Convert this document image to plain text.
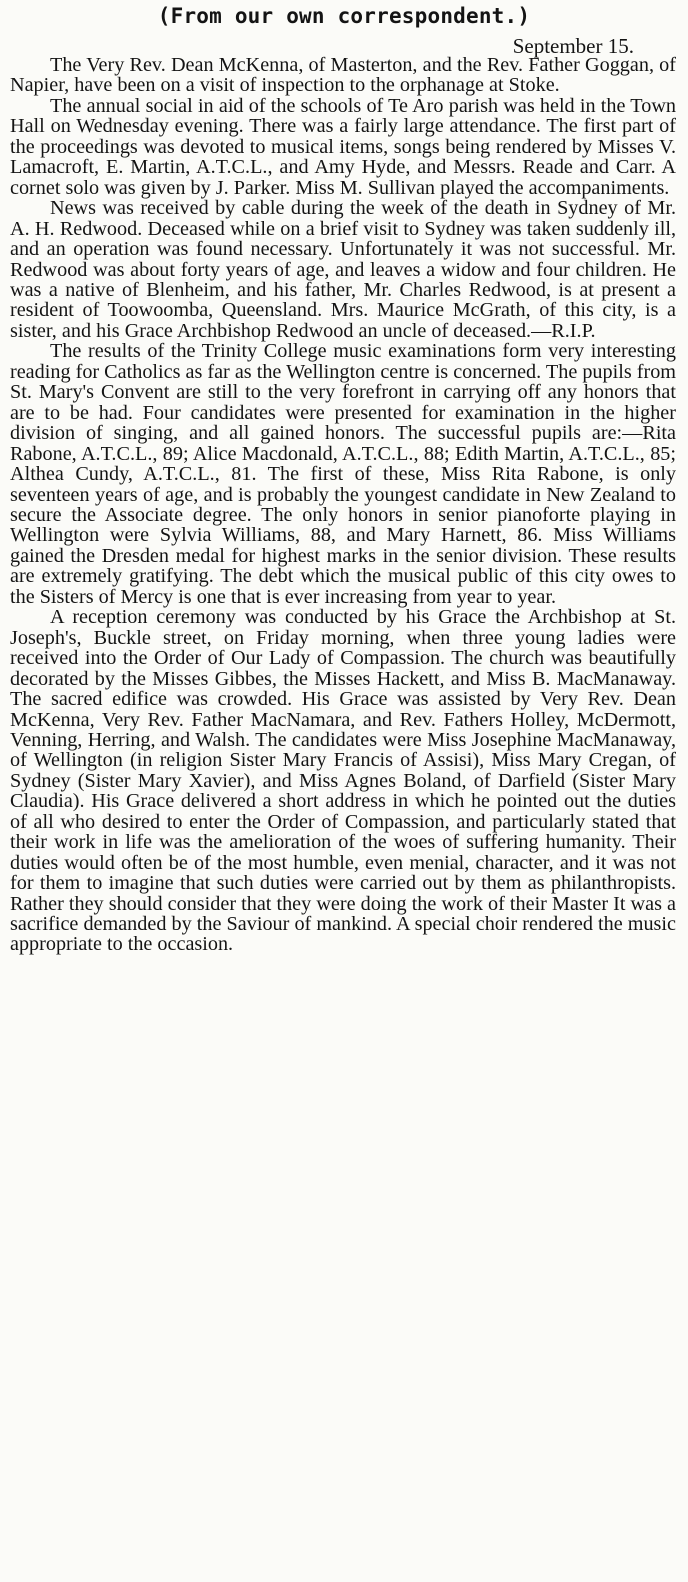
(From our own correspondent.)
September 15.

The Very Rev. Dean McKenna, of Masterton, and the Rev. Father Goggan, of Napier, have been on a visit of inspection to the orphanage at Stoke.

The annual social in aid of the schools of Te Aro parish was held in the Town Hall on Wednesday evening. There was a fairly large attendance. The first part of the proceedings was devoted to musical items, songs being rendered by Misses V. Lamacroft, E. Martin, A.T.C.L., and Amy Hyde, and Messrs. Reade and Carr. A cornet solo was given by J. Parker. Miss M. Sullivan played the accompaniments.

News was received by cable during the week of the death in Sydney of Mr. A. H. Redwood. Deceased while on a brief visit to Sydney was taken suddenly ill, and an operation was found necessary. Unfortunately it was not successful. Mr. Redwood was about forty years of age, and leaves a widow and four children. He was a native of Blenheim, and his father, Mr. Charles Redwood, is at present a resident of Toowoomba, Queensland. Mrs. Maurice McGrath, of this city, is a sister, and his Grace Archbishop Redwood an uncle of deceased.—R.I.P.

The results of the Trinity College music examinations form very interesting reading for Catholics as far as the Wellington centre is concerned. The pupils from St. Mary's Convent are still to the very forefront in carrying off any honors that are to be had. Four candidates were presented for examination in the higher division of singing, and all gained honors. The successful pupils are:—Rita Rabone, A.T.C.L., 89; Alice Macdonald, A.T.C.L., 88; Edith Martin, A.T.C.L., 85; Althea Cundy, A.T.C.L., 81. The first of these, Miss Rita Rabone, is only seventeen years of age, and is probably the youngest candidate in New Zealand to secure the Associate degree. The only honors in senior pianoforte playing in Wellington were Sylvia Williams, 88, and Mary Harnett, 86. Miss Williams gained the Dresden medal for highest marks in the senior division. These results are extremely gratifying. The debt which the musical public of this city owes to the Sisters of Mercy is one that is ever increasing from year to year.

A reception ceremony was conducted by his Grace the Archbishop at St. Joseph's, Buckle street, on Friday morning, when three young ladies were received into the Order of Our Lady of Compassion. The church was beautifully decorated by the Misses Gibbes, the Misses Hackett, and Miss B. MacManaway. The sacred edifice was crowded. His Grace was assisted by Very Rev. Dean McKenna, Very Rev. Father MacNamara, and Rev. Fathers Holley, McDermott, Venning, Herring, and Walsh. The candidates were Miss Josephine MacManaway, of Wellington (in religion Sister Mary Francis of Assisi), Miss Mary Cregan, of Sydney (Sister Mary Xavier), and Miss Agnes Boland, of Darfield (Sister Mary Claudia). His Grace delivered a short address in which he pointed out the duties of all who desired to enter the Order of Compassion, and particularly stated that their work in life was the amelioration of the woes of suffering humanity. Their duties would often be of the most humble, even menial, character, and it was not for them to imagine that such duties were carried out by them as philanthropists. Rather they should consider that they were doing the work of their Master It was a sacrifice demanded by the Saviour of mankind. A special choir rendered the music appropriate to the occasion.
